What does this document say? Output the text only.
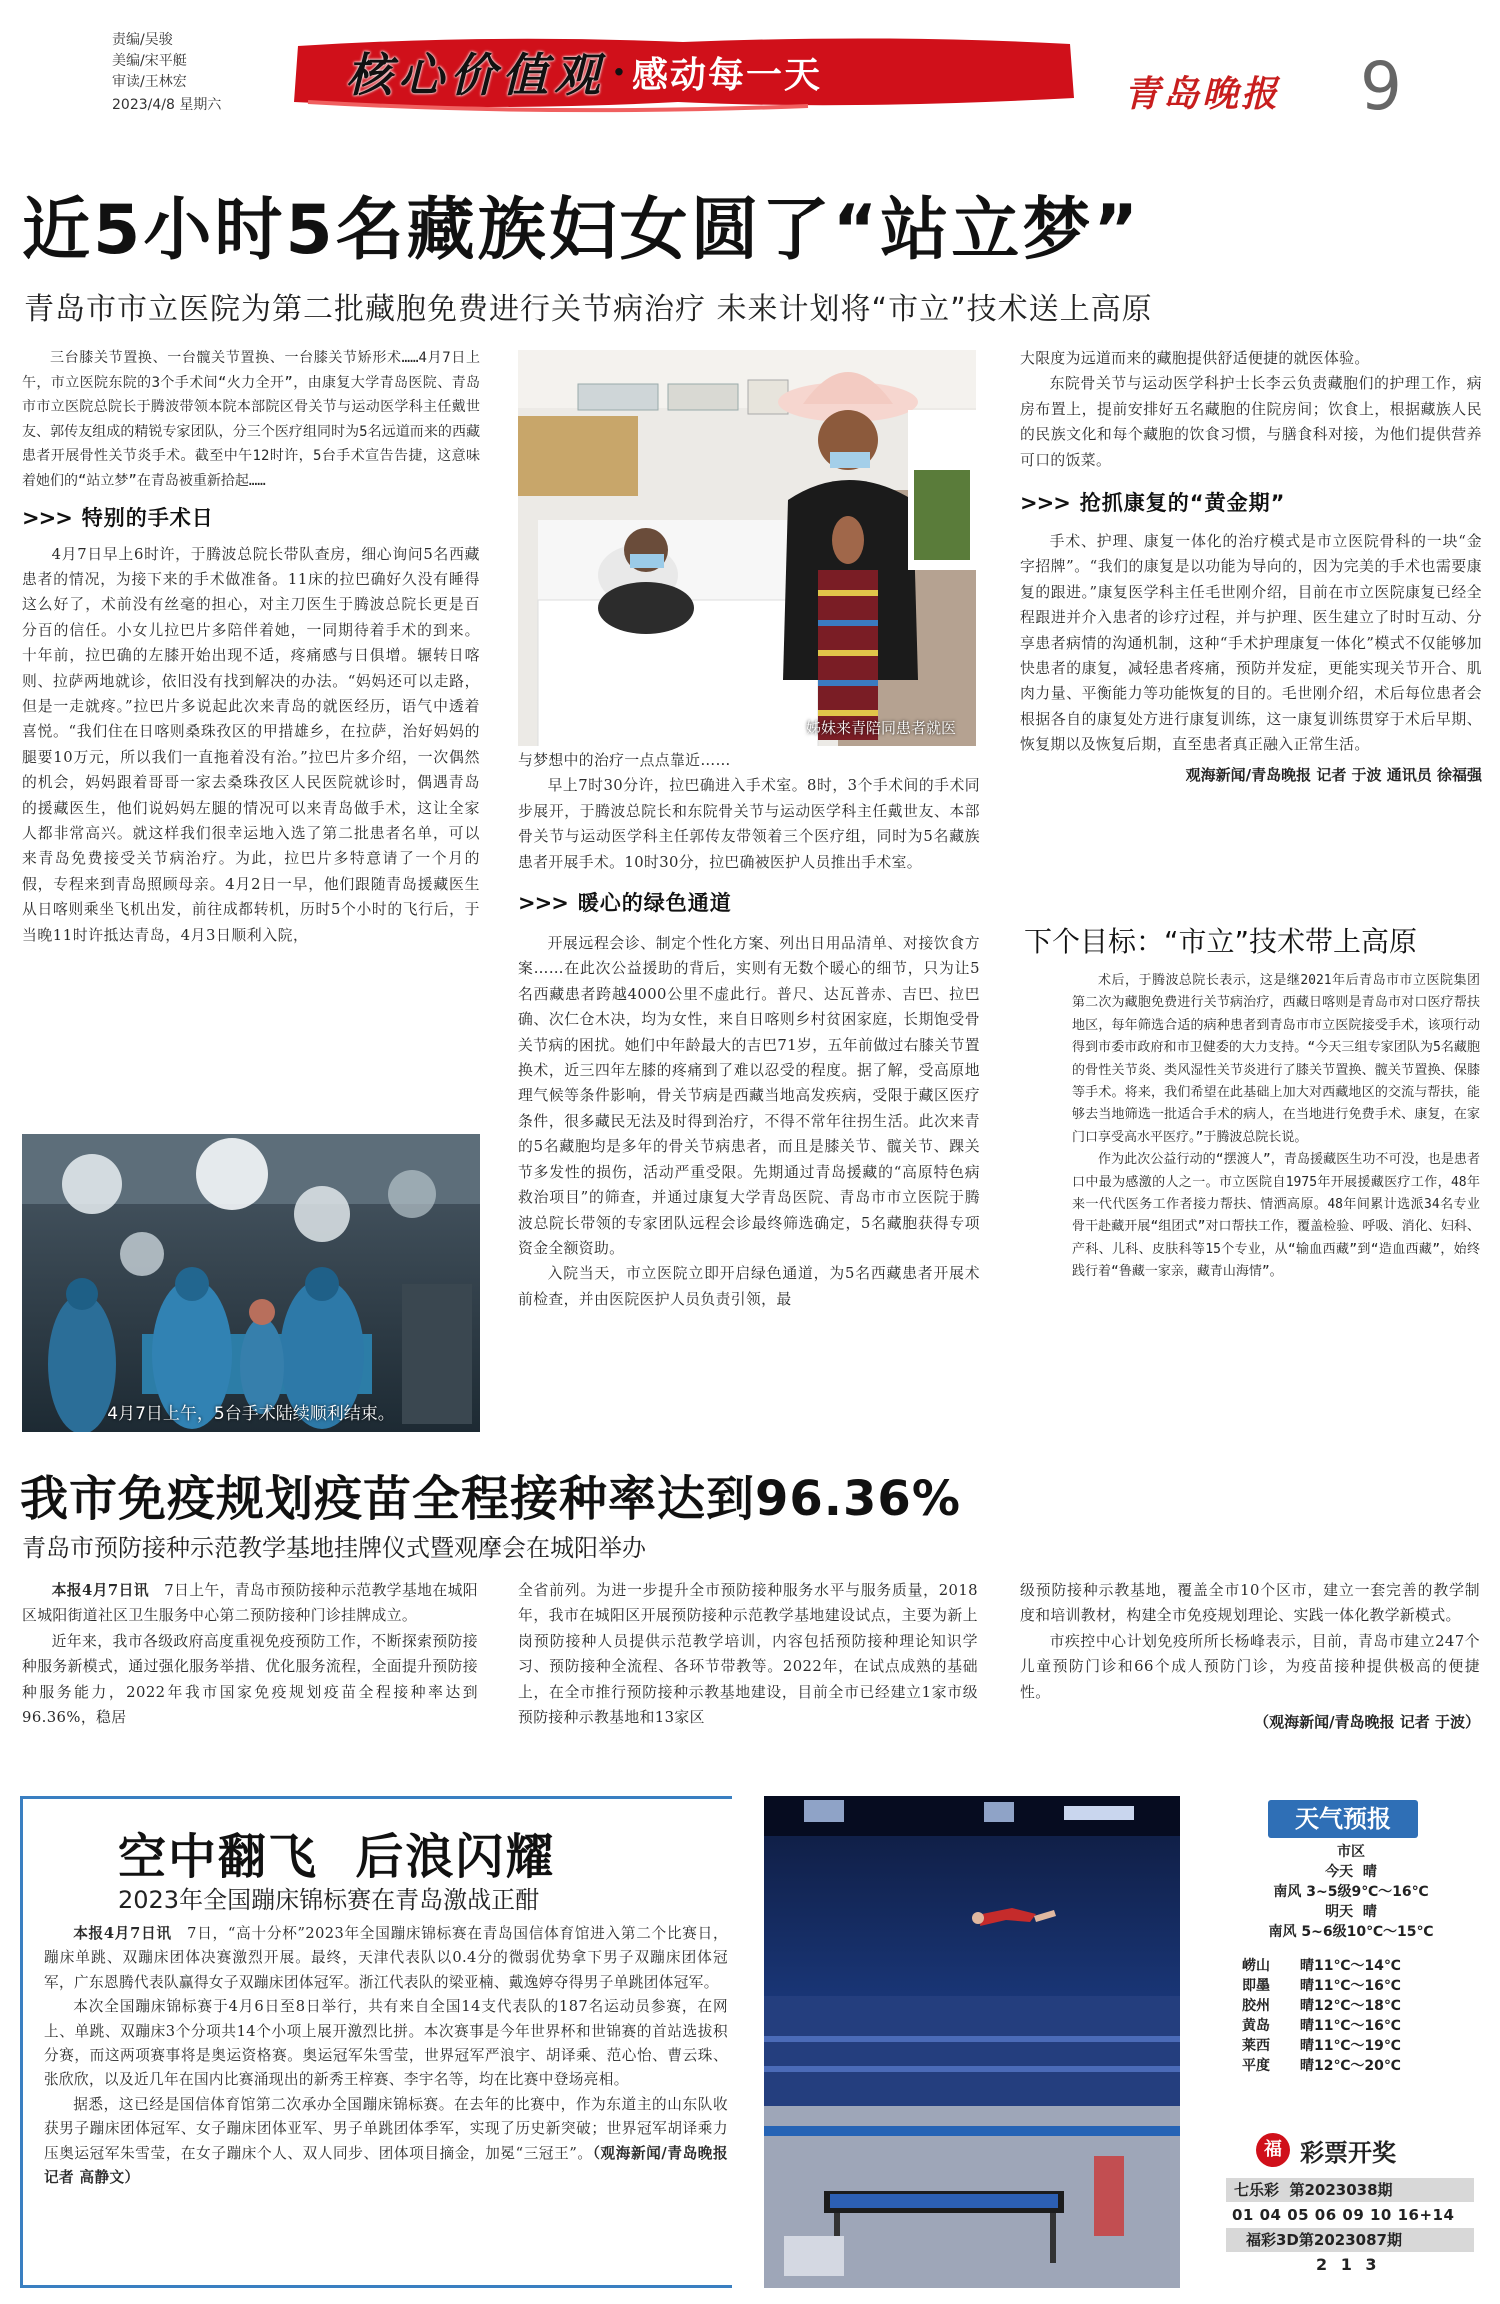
责编/吴骏
美编/宋平艇
审读/王林宏
2023/4/8 星期六
核心价值观 · 感动每一天	青岛晚报 9
近5小时5名藏族妇女圆了“站立梦”
青岛市市立医院为第二批藏胞免费进行关节病治疗 未来计划将“市立”技术送上高原

三台膝关节置换、一台髋关节置换、一台膝关节矫形术……4月7日上午，市立医院东院的3个手术间“火力全开”，由康复大学青岛医院、青岛市市立医院总院长于腾波带领本院本部院区骨关节与运动医学科主任戴世友、郭传友组成的精锐专家团队，分三个医疗组同时为5名远道而来的西藏患者开展骨性关节炎手术。截至中午12时许，5台手术宣告告捷，这意味着她们的“站立梦”在青岛被重新拾起……

>>> 特别的手术日

4月7日早上6时许，于腾波总院长带队查房，细心询问5名西藏患者的情况，为接下来的手术做准备。11床的拉巴确好久没有睡得这么好了，术前没有丝毫的担心，对主刀医生于腾波总院长更是百分百的信任。小女儿拉巴片多陪伴着她，一同期待着手术的到来。十年前，拉巴确的左膝开始出现不适，疼痛感与日俱增。辗转日喀则、拉萨两地就诊，依旧没有找到解决的办法。“妈妈还可以走路，但是一走就疼。”拉巴片多说起此次来青岛的就医经历，语气中透着喜悦。“我们住在日喀则桑珠孜区的甲措雄乡，在拉萨，治好妈妈的腿要10万元，所以我们一直拖着没有治。”拉巴片多介绍，一次偶然的机会，妈妈跟着哥哥一家去桑珠孜区人民医院就诊时，偶遇青岛的援藏医生，他们说妈妈左腿的情况可以来青岛做手术，这让全家人都非常高兴。就这样我们很幸运地入选了第二批患者名单，可以来青岛免费接受关节病治疗。为此，拉巴片多特意请了一个月的假，专程来到青岛照顾母亲。4月2日一早，他们跟随青岛援藏医生从日喀则乘坐飞机出发，前往成都转机，历时5个小时的飞行后，于当晚11时许抵达青岛，4月3日顺利入院，

4月7日上午，5台手术陆续顺利结束。
姊妹来青陪同患者就医

与梦想中的治疗一点点靠近……

早上7时30分许，拉巴确进入手术室。8时，3个手术间的手术同步展开，于腾波总院长和东院骨关节与运动医学科主任戴世友、本部骨关节与运动医学科主任郭传友带领着三个医疗组，同时为5名藏族患者开展手术。10时30分，拉巴确被医护人员推出手术室。

>>> 暖心的绿色通道

开展远程会诊、制定个性化方案、列出日用品清单、对接饮食方案……在此次公益援助的背后，实则有无数个暖心的细节，只为让5名西藏患者跨越4000公里不虚此行。普尺、达瓦普赤、吉巴、拉巴确、次仁仓木决，均为女性，来自日喀则乡村贫困家庭，长期饱受骨关节病的困扰。她们中年龄最大的吉巴71岁，五年前做过右膝关节置换术，近三四年左膝的疼痛到了难以忍受的程度。据了解，受高原地理气候等条件影响，骨关节病是西藏当地高发疾病，受限于藏区医疗条件，很多藏民无法及时得到治疗，不得不常年往拐生活。此次来青的5名藏胞均是多年的骨关节病患者，而且是膝关节、髋关节、踝关节多发性的损伤，活动严重受限。先期通过青岛援藏的“高原特色病救治项目”的筛查，并通过康复大学青岛医院、青岛市市立医院于腾波总院长带领的专家团队远程会诊最终筛选确定，5名藏胞获得专项资金全额资助。

入院当天，市立医院立即开启绿色通道，为5名西藏患者开展术前检查，并由医院医护人员负责引领，最

大限度为远道而来的藏胞提供舒适便捷的就医体验。

东院骨关节与运动医学科护士长李云负责藏胞们的护理工作，病房布置上，提前安排好五名藏胞的住院房间；饮食上，根据藏族人民的民族文化和每个藏胞的饮食习惯，与膳食科对接，为他们提供营养可口的饭菜。

>>> 抢抓康复的“黄金期”

手术、护理、康复一体化的治疗模式是市立医院骨科的一块“金字招牌”。“我们的康复是以功能为导向的，因为完美的手术也需要康复的跟进。”康复医学科主任毛世刚介绍，目前在市立医院康复已经全程跟进并介入患者的诊疗过程，并与护理、医生建立了时时互动、分享患者病情的沟通机制，这种“手术护理康复一体化”模式不仅能够加快患者的康复，减轻患者疼痛，预防并发症，更能实现关节开合、肌肉力量、平衡能力等功能恢复的目的。毛世刚介绍，术后每位患者会根据各自的康复处方进行康复训练，这一康复训练贯穿于术后早期、恢复期以及恢复后期，直至患者真正融入正常生活。

观海新闻/青岛晚报 记者 于波 通讯员 徐福强
下个目标：“市立”技术带上高原

术后，于腾波总院长表示，这是继2021年后青岛市市立医院集团第二次为藏胞免费进行关节病治疗，西藏日喀则是青岛市对口医疗帮扶地区，每年筛选合适的病种患者到青岛市市立医院接受手术，该项行动得到市委市政府和市卫健委的大力支持。“今天三组专家团队为5名藏胞的骨性关节炎、类风湿性关节炎进行了膝关节置换、髋关节置换、保膝等手术。将来，我们希望在此基础上加大对西藏地区的交流与帮扶，能够去当地筛选一批适合手术的病人，在当地进行免费手术、康复，在家门口享受高水平医疗。”于腾波总院长说。

作为此次公益行动的“摆渡人”，青岛援藏医生功不可没，也是患者口中最为感激的人之一。市立医院自1975年开展援藏医疗工作，48年来一代代医务工作者接力帮扶、情洒高原。48年间累计选派34名专业骨干赴藏开展“组团式”对口帮扶工作，覆盖检验、呼吸、消化、妇科、产科、儿科、皮肤科等15个专业，从“输血西藏”到“造血西藏”，始终践行着“鲁藏一家亲，藏青山海情”。

我市免疫规划疫苗全程接种率达到96.36%
青岛市预防接种示范教学基地挂牌仪式暨观摩会在城阳举办

本报4月7日讯　 7日上午，青岛市预防接种示范教学基地在城阳区城阳街道社区卫生服务中心第二预防接种门诊挂牌成立。

近年来，我市各级政府高度重视免疫预防工作，不断探索预防接种服务新模式，通过强化服务举措、优化服务流程，全面提升预防接种服务能力，2022年我市国家免疫规划疫苗全程接种率达到96.36%，稳居

全省前列。为进一步提升全市预防接种服务水平与服务质量，2018年，我市在城阳区开展预防接种示范教学基地建设试点，主要为新上岗预防接种人员提供示范教学培训，内容包括预防接种理论知识学习、预防接种全流程、各环节带教等。2022年，在试点成熟的基础上，在全市推行预防接种示教基地建设，目前全市已经建立1家市级预防接种示教基地和13家区

级预防接种示教基地，覆盖全市10个区市，建立一套完善的教学制度和培训教材，构建全市免疫规划理论、实践一体化教学新模式。

市疾控中心计划免疫所所长杨峰表示，目前，青岛市建立247个儿童预防门诊和66个成人预防门诊，为疫苗接种提供极高的便捷性。

（观海新闻/青岛晚报 记者 于波）
空中翻飞  后浪闪耀
2023年全国蹦床锦标赛在青岛激战正酣

本报4月7日讯　 7日，“高十分杯”2023年全国蹦床锦标赛在青岛国信体育馆进入第二个比赛日，蹦床单跳、双蹦床团体决赛激烈开展。最终，天津代表队以0.4分的微弱优势拿下男子双蹦床团体冠军，广东恩腾代表队赢得女子双蹦床团体冠军。浙江代表队的梁亚楠、戴逸婷夺得男子单跳团体冠军。

本次全国蹦床锦标赛于4月6日至8日举行，共有来自全国14支代表队的187名运动员参赛，在网上、单跳、双蹦床3个分项共14个小项上展开激烈比拼。本次赛事是今年世界杯和世锦赛的首站选拔积分赛，而这两项赛事将是奥运资格赛。奥运冠军朱雪莹，世界冠军严浪宇、胡译乘、范心怡、曹云珠、张欣欣，以及近几年在国内比赛涌现出的新秀王梓赛、李宇名等，均在比赛中登场亮相。

据悉，这已经是国信体育馆第二次承办全国蹦床锦标赛。在去年的比赛中，作为东道主的山东队收获男子蹦床团体冠军、女子蹦床团体亚军、男子单跳团体季军，实现了历史新突破；世界冠军胡译乘力压奥运冠军朱雪莹，在女子蹦床个人、双人同步、团体项目摘金，加冕“三冠王”。（观海新闻/青岛晚报 记者 高静文）

天气预报
市区
今天  晴
南风 3~5级9℃～16℃
明天  晴
南风 5~6级10℃～15℃
崂山 晴11℃～14℃
即墨 晴11℃～16℃
胶州 晴12℃～18℃
黄岛 晴11℃～16℃
莱西 晴11℃～19℃
平度 晴12℃～20℃
福 彩票开奖
七乐彩  第2023038期
01 04 05 06 09 10 16+14
福彩3D第2023087期
2 1 3
